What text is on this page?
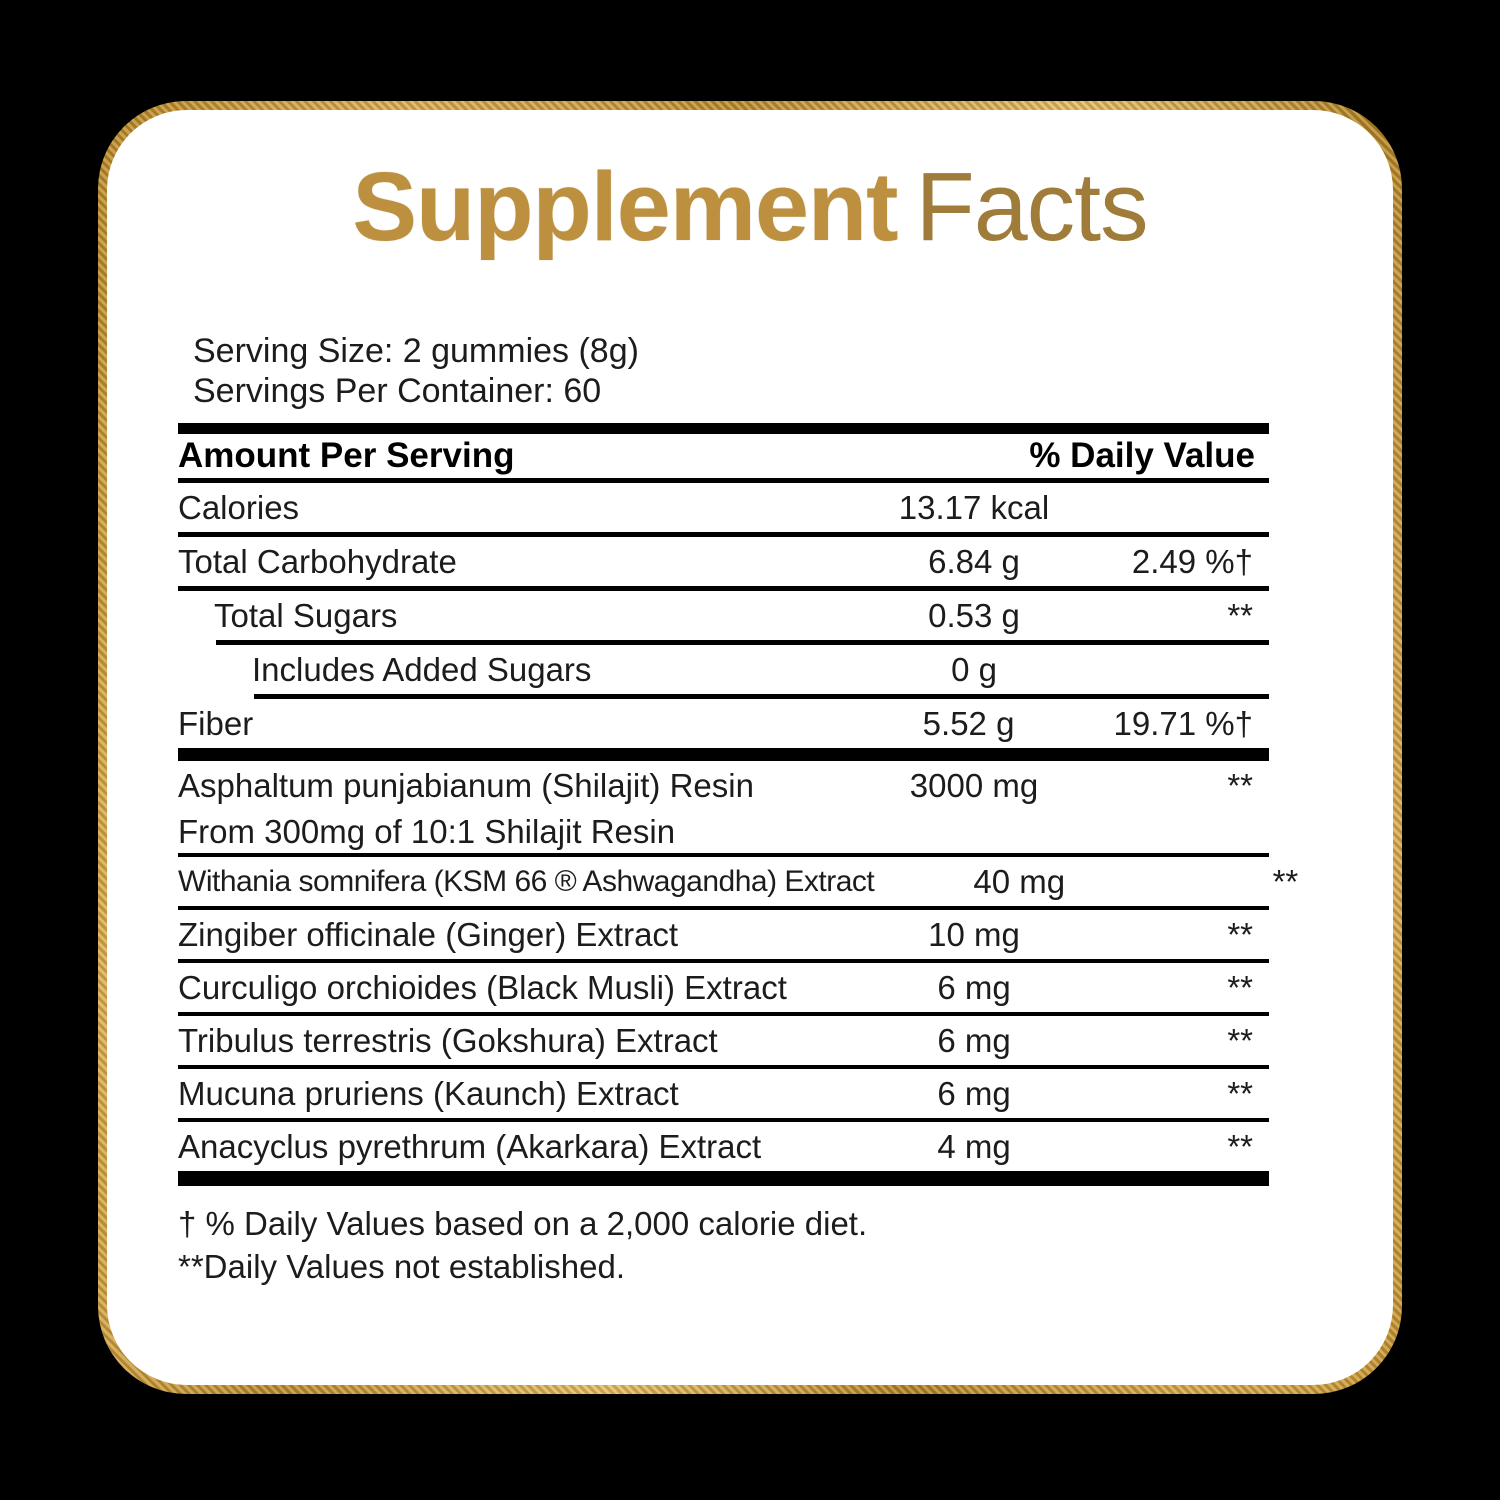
Supplement Facts
Serving Size: 2 gummies (8g)
Servings Per Container: 60
Amount Per Serving	% Daily Value
Calories	13.17 kcal
Total Carbohydrate	6.84 g	2.49 %†
Total Sugars	0.53 g	**
Includes Added Sugars	0 g
Fiber	5.52 g	19.71 %†
Asphaltum punjabianum (Shilajit) Resin	3000 mg	**
From 300mg of 10:1 Shilajit Resin
Withania somnifera (KSM 66 ® Ashwagandha) Extract	40 mg	**
Zingiber officinale (Ginger) Extract	10 mg	**
Curculigo orchioides (Black Musli) Extract	6 mg	**
Tribulus terrestris (Gokshura) Extract	6 mg	**
Mucuna pruriens (Kaunch) Extract	6 mg	**
Anacyclus pyrethrum (Akarkara) Extract	4 mg	**
† % Daily Values based on a 2,000 calorie diet.
**Daily Values not established.
